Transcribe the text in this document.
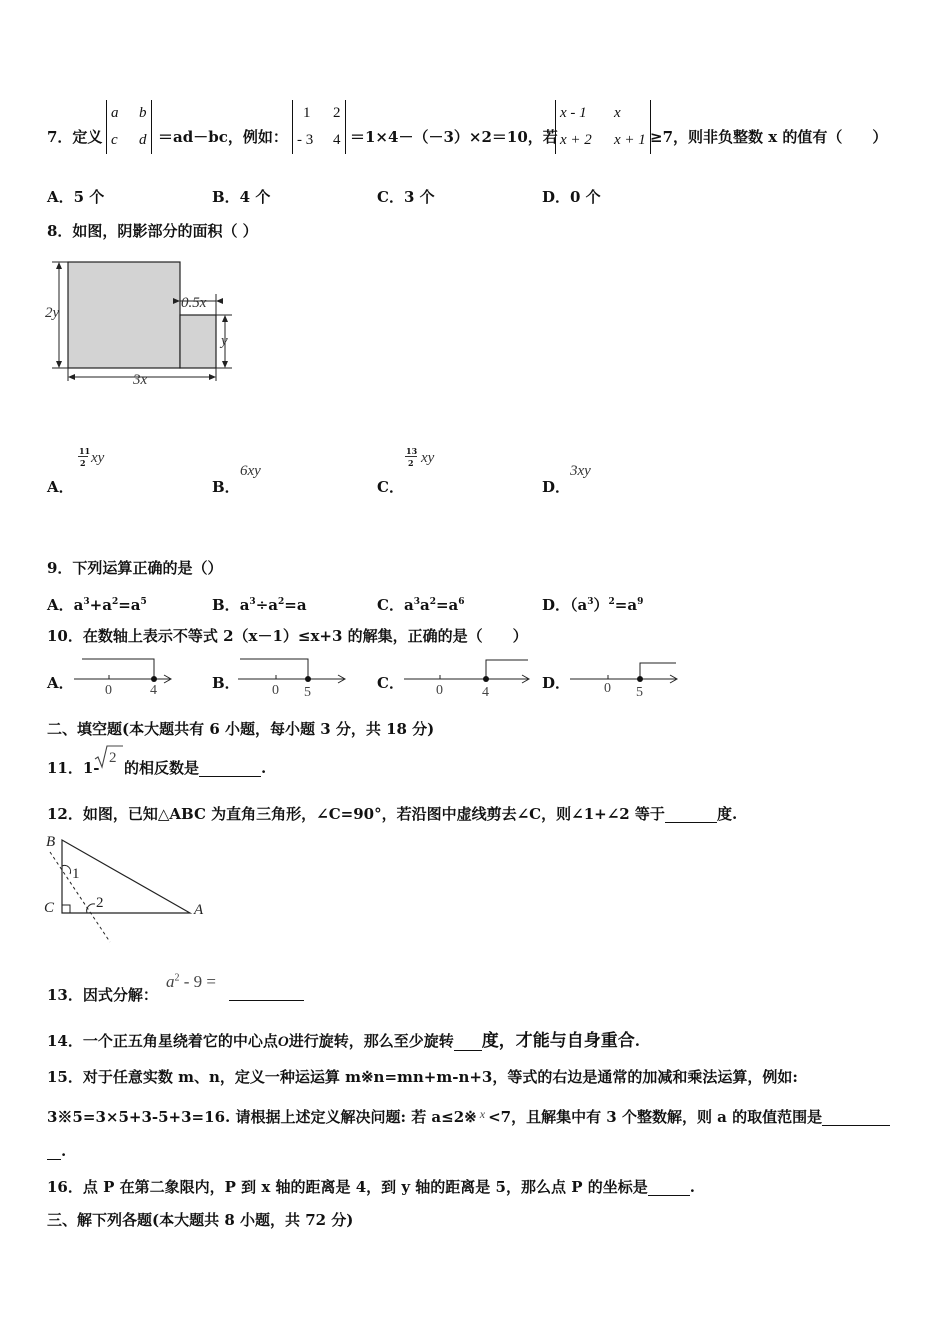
7．定义
a b
c d ＝ad－bc，例如：
1 2
- 3 4 ＝1×4－（－3）×2＝10，若
x - 1 x
x + 2 x + 1 ≥7，则非负整数 x 的值有（　　）
A．5 个	B．4 个	C．3 个	D．0 个
8．如图，阴影部分的面积（ ）
2y
0.5x
y
3x
A．
11
2 xy
B．
6xy
C．
13
2 xy
D．
3xy
9．下列运算正确的是（）
A．$a^3+a^2=a^5$	B．$a^3\div a^2=a$	C．$a^3a^2=a^6$	D．$(a^3)^2=a^9$
10．在数轴上表示不等式 2（x－1）≤x+3 的解集，正确的是（　　）
A． 0	4	B． 0 5
C． 0	4
D． 0 5
二、填空题(本大题共有 6 小题，每小题 3 分，共 18 分)
11．1-
2
的相反数是	.
12．如图，已知△ABC 为直角三角形，∠C=90°，若沿图中虚线剪去∠C，则∠1+∠2 等于	度.
B
C	A
1
2
13．因式分解：
$a^2 - 9$ =
14．一个正五角星绕着它的中心点O进行旋转，那么至少旋转 度，才能与自身重合.
15．对于任意实数 m、n，定义一种运运算 m※n=mn+m-n+3，等式的右边是通常的加减和乘法运算，例如:
3※5=3×5+3-5+3=16. 请根据上述定义解决问题: 若 a≤2※ $^x$ <7，且解集中有 3 个整数解，则 a 的取值范围是
.
16．点 P 在第二象限内，P 到 x 轴的距离是 4，到 y 轴的距离是 5，那么点 P 的坐标是	.
三、解下列各题(本大题共 8 小题，共 72 分)
